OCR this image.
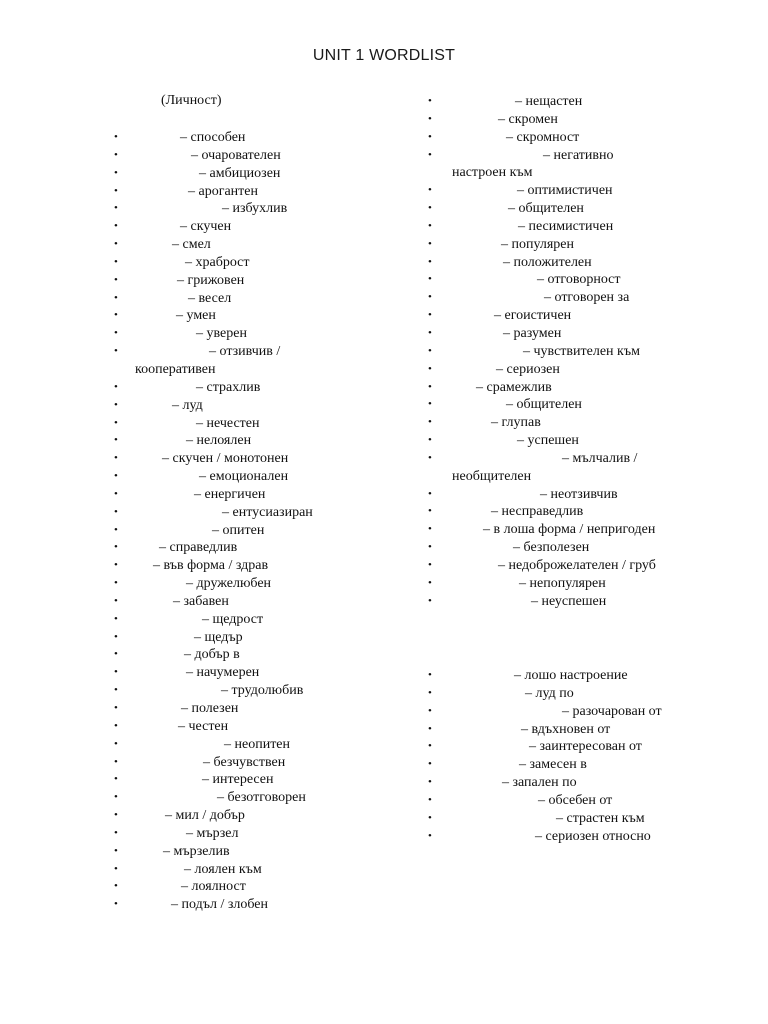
UNIT 1 WORDLIST
(Личност)
•	– способен
•	– очарователен
•	– амбициозен
•	– арогантен
•	– избухлив
•	– скучен
•	– смел
•	– храброст
•	– грижовен
•	– весел
•	– умен
•	– уверен
•	– отзивчив /
кооперативен
•	– страхлив
•	– луд
•	– нечестен
•	– нелоялен
•	– скучен / монотонен
•	– емоционален
•	– енергичен
•	– ентусиазиран
•	– опитен
•	– справедлив
•	– във форма / здрав
•	– дружелюбен
•	– забавен
•	– щедрост
•	– щедър
•	– добър в
•	– начумерен
•	– трудолюбив
•	– полезен
•	– честен
•	– неопитен
•	– безчувствен
•	– интересен
•	– безотговорен
•	– мил / добър
•	– мързел
•	– мързелив
•	– лоялен към
•	– лоялност
•	– подъл / злобен
•	– нещастен
•	– скромен
•	– скромност
•	– негативно
настроен към
•	– оптимистичен
•	– общителен
•	– песимистичен
•	– популярен
•	– положителен
•	– отговорност
•	– отговорен за
•	– егоистичен
•	– разумен
•	– чувствителен към
•	– сериозен
•	– срамежлив
•	– общителен
•	– глупав
•	– успешен
•	– мълчалив /
необщителен
•	– неотзивчив
•	– несправедлив
•	– в лоша форма / непригоден
•	– безполезен
•	– недоброжелателен / груб
•	– непопулярен
•	– неуспешен
•	– лошо настроение
•	– луд по
•	– разочарован от
•	– вдъхновен от
•	– заинтересован от
•	– замесен в
•	– запален по
•	– обсебен от
•	– страстен към
•	– сериозен относно
